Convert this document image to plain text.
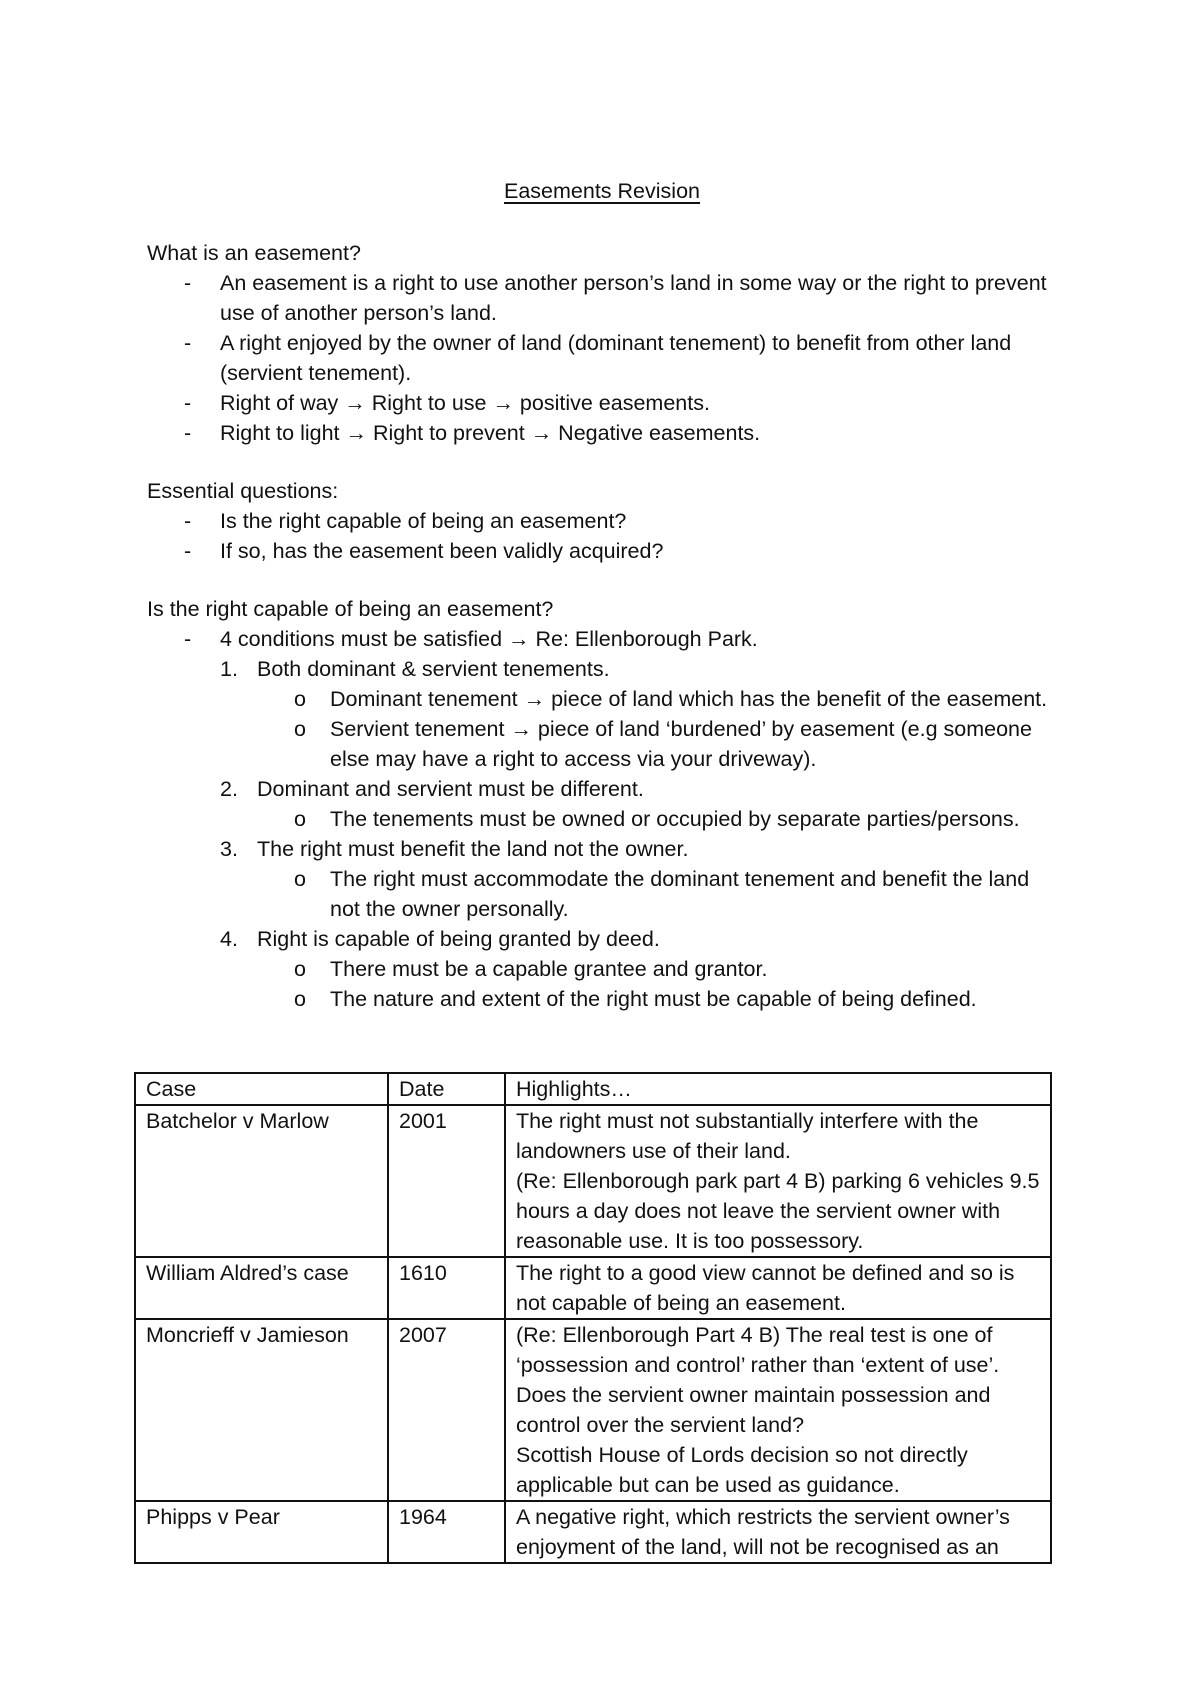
Easements Revision
What is an easement?
- An easement is a right to use another person’s land in some way or the right to prevent use of another person’s land.
- A right enjoyed by the owner of land (dominant tenement) to benefit from other land (servient tenement).
- Right of way → Right to use → positive easements.
- Right to light → Right to prevent → Negative easements.
Essential questions:
- Is the right capable of being an easement?
- If so, has the easement been validly acquired?
Is the right capable of being an easement?
- 4 conditions must be satisfied → Re: Ellenborough Park.
1. Both dominant & servient tenements.
o Dominant tenement → piece of land which has the benefit of the easement.
o Servient tenement → piece of land ‘burdened’ by easement (e.g someone else may have a right to access via your driveway).
2. Dominant and servient must be different.
o The tenements must be owned or occupied by separate parties/persons.
3. The right must benefit the land not the owner.
o The right must accommodate the dominant tenement and benefit the land not the owner personally.
4. Right is capable of being granted by deed.
o There must be a capable grantee and grantor.
o The nature and extent of the right must be capable of being defined.
Case	Date	Highlights…
Batchelor v Marlow	2001	The right must not substantially interfere with the landowners use of their land.
(Re: Ellenborough park part 4 B) parking 6 vehicles 9.5 hours a day does not leave the servient owner with reasonable use. It is too possessory.

William Aldred’s case	1610	The right to a good view cannot be defined and so is not capable of being an easement.

Moncrieff v Jamieson	2007	(Re: Ellenborough Part 4 B) The real test is one of ‘possession and control’ rather than ‘extent of use’.
Does the servient owner maintain possession and control over the servient land?
Scottish House of Lords decision so not directly applicable but can be used as guidance.

Phipps v Pear	1964	A negative right, which restricts the servient owner’s enjoyment of the land, will not be recognised as an
